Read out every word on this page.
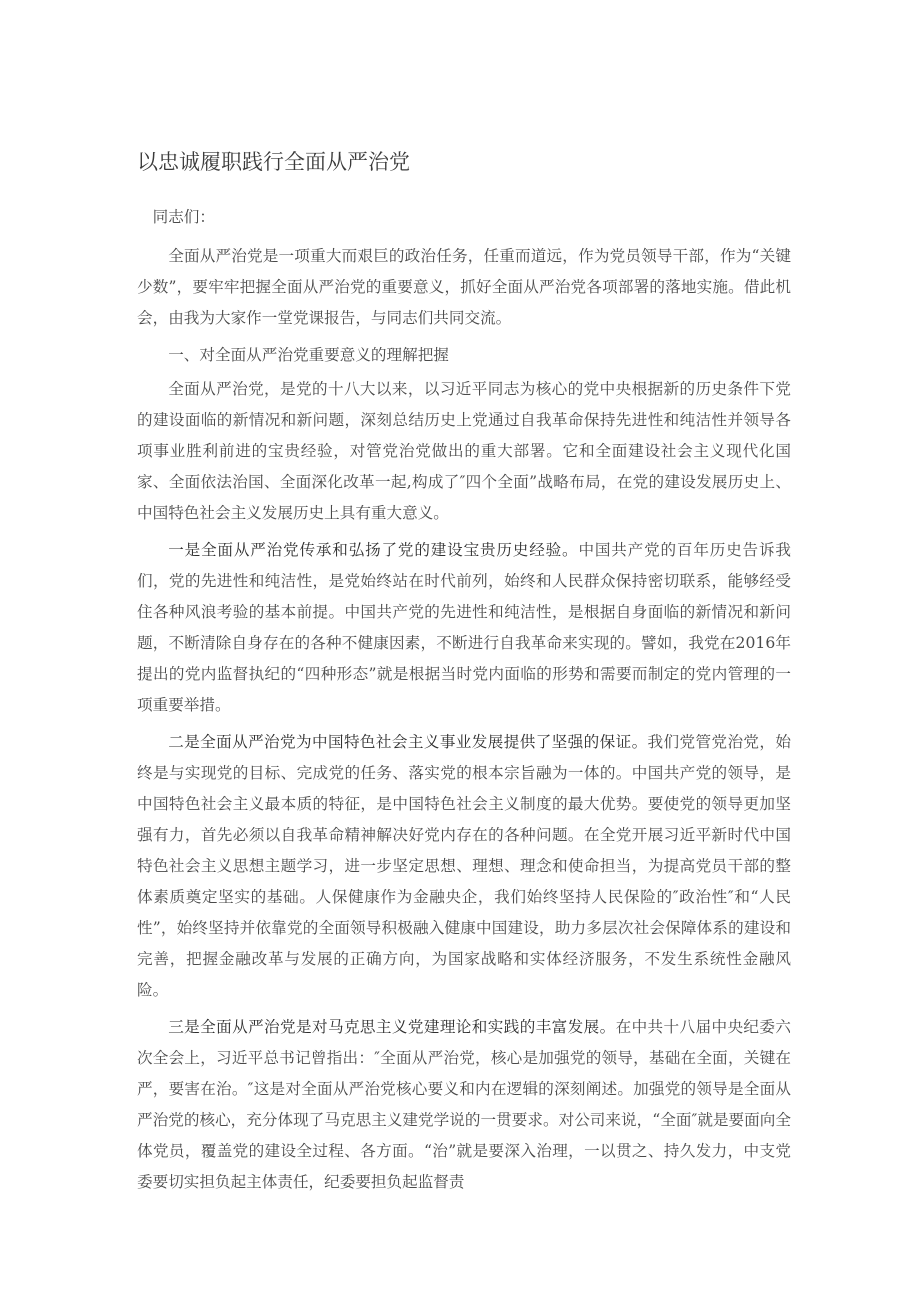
以忠诚履职践行全面从严治党

同志们：

全面从严治党是一项重大而艰巨的政治任务，任重而道远，作为党员领导干部，作为“关键少数”，要牢牢把握全面从严治党的重要意义，抓好全面从严治党各项部署的落地实施。借此机会，由我为大家作一堂党课报告，与同志们共同交流。

一、对全面从严治党重要意义的理解把握

全面从严治党，是党的十八大以来，以习近平同志为核心的党中央根据新的历史条件下党的建设面临的新情况和新问题，深刻总结历史上党通过自我革命保持先进性和纯洁性并领导各项事业胜利前进的宝贵经验，对管党治党做出的重大部署。它和全面建设社会主义现代化国家、全面依法治国、全面深化改革一起,构成了″四个全面”战略布局，在党的建设发展历史上、中国特色社会主义发展历史上具有重大意义。

一是全面从严治党传承和弘扬了党的建设宝贵历史经验。中国共产党的百年历史告诉我们，党的先进性和纯洁性，是党始终站在时代前列，始终和人民群众保持密切联系，能够经受住各种风浪考验的基本前提。中国共产党的先进性和纯洁性，是根据自身面临的新情况和新问题，不断清除自身存在的各种不健康因素，不断进行自我革命来实现的。譬如，我党在2016年提出的党内监督执纪的“四种形态”就是根据当时党内面临的形势和需要而制定的党内管理的一项重要举措。

二是全面从严治党为中国特色社会主义事业发展提供了坚强的保证。我们党管党治党，始终是与实现党的目标、完成党的任务、落实党的根本宗旨融为一体的。中国共产党的领导，是中国特色社会主义最本质的特征，是中国特色社会主义制度的最大优势。要使党的领导更加坚强有力，首先必须以自我革命精神解决好党内存在的各种问题。在全党开展习近平新时代中国特色社会主义思想主题学习，进一步坚定思想、理想、理念和使命担当，为提高党员干部的整体素质奠定坚实的基础。人保健康作为金融央企，我们始终坚持人民保险的″政治性″和“人民性”，始终坚持并依靠党的全面领导积极融入健康中国建设，助力多层次社会保障体系的建设和完善，把握金融改革与发展的正确方向，为国家战略和实体经济服务，不发生系统性金融风险。

三是全面从严治党是对马克思主义党建理论和实践的丰富发展。在中共十八届中央纪委六次全会上，习近平总书记曾指出：″全面从严治党，核心是加强党的领导，基础在全面，关键在严，要害在治。″这是对全面从严治党核心要义和内在逻辑的深刻阐述。加强党的领导是全面从严治党的核心，充分体现了马克思主义建党学说的一贯要求。对公司来说，“全面″就是要面向全体党员，覆盖党的建设全过程、各方面。“治”就是要深入治理，一以贯之、持久发力，中支党委要切实担负起主体责任，纪委要担负起监督责
